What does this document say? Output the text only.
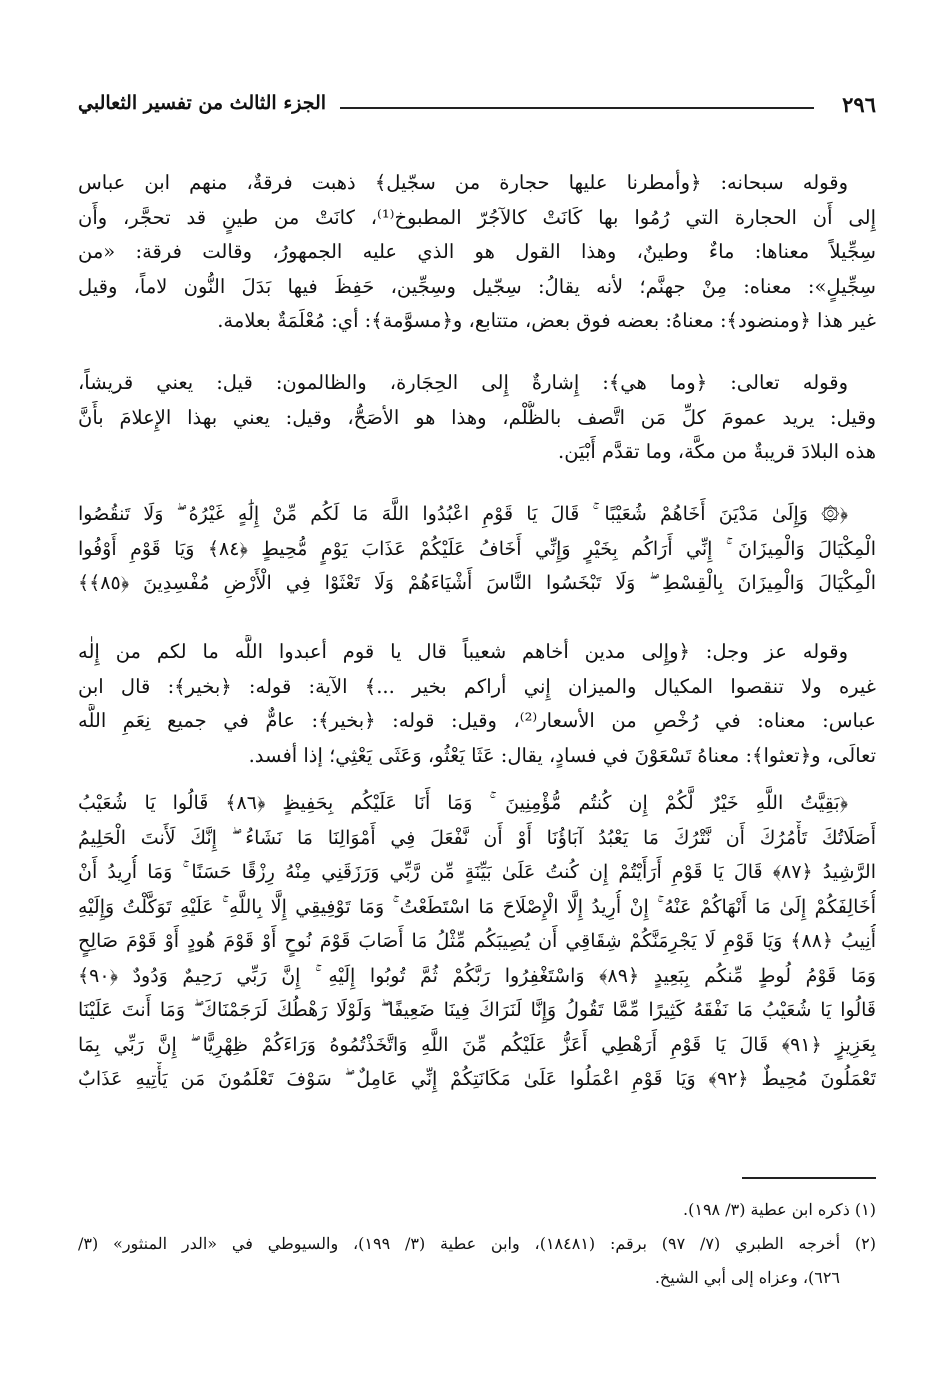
٢٩٦
الجزء الثالث من تفسير الثعالبي
وقوله سبحانه: ﴿وأمطرنا عليها حجارة من سجّيل﴾ ذهبت فرقةٌ، منهم ابن عباس
إِلى أَن الحجارة التي رُمُوا بها كَانَتْ كالآجُرّ المطبوخ⁽¹⁾، كانَتْ من طينٍ قد تحجَّر، وأَن
سِجِّيلاً معناها: ماءٌ وطينٌ، وهذا القول هو الذي عليه الجمهورُ، وقالت فرقة: «من
سِجِّيلٍ»: معناه: مِنْ جهنَّم؛ لأنه يقالُ: سِجّيل وسِجِّين، حَفِظَ فيها بَدَلَ النُّون لاماً، وقيل
غير هذا ﴿ومنضود﴾: معناهُ: بعضه فوق بعض، متتابع، و﴿مسوَّمة﴾: أي: مُعْلَمَةٌ بعلامة.
وقوله تعالى: ﴿وما هي﴾: إِشارةٌ إِلى الحِجَارة، والظالمون: قيل: يعني قريشاً،
وقيل: يريد عمومَ كلِّ مَن اتَّصف بالظُّلْم، وهذا هو الأصَحُّ، وقيل: يعني بهذا الإِعلامَ بأَنَّ
هذه البلادَ قريبةٌ من مكَّة، وما تقدَّم أَبْيَن.
﴿۞ وَإِلَىٰ مَدْيَنَ أَخَاهُمْ شُعَيْبًا ۚ قَالَ يَا قَوْمِ اعْبُدُوا اللَّهَ مَا لَكُم مِّنْ إِلَٰهٍ غَيْرُهُ ۖ وَلَا تَنقُصُوا
الْمِكْيَالَ وَالْمِيزَانَ ۚ إِنِّي أَرَاكُم بِخَيْرٍ وَإِنِّي أَخَافُ عَلَيْكُمْ عَذَابَ يَوْمٍ مُّحِيطٍ ﴿٨٤﴾ وَيَا قَوْمِ أَوْفُوا
الْمِكْيَالَ وَالْمِيزَانَ بِالْقِسْطِ ۖ وَلَا تَبْخَسُوا النَّاسَ أَشْيَاءَهُمْ وَلَا تَعْثَوْا فِي الْأَرْضِ مُفْسِدِينَ ﴿٨٥﴾﴾
وقوله عز وجل: ﴿وإِلى مدين أخاهم شعيباً قال يا قوم أعبدوا اللَّه ما لكم من إِلٰه
غيره ولا تنقصوا المكيال والميزان إِني أراكم بخير ...﴾ الآية: قوله: ﴿بخير﴾: قال ابن
عباس: معناه: في رُخْصِ من الأسعار⁽²⁾، وقيل: قوله: ﴿بخير﴾: عامٌّ في جميع نِعَمِ اللَّه
تعالَى، و﴿تعثوا﴾: معناهُ تَسْعَوْنَ في فسادٍ، يقال: عَثَا يَعْثُو، وَعَثَى يَعْثِي؛ إذا أفسد.
﴿بَقِيَّتُ اللَّهِ خَيْرٌ لَّكُمْ إِن كُنتُم مُّؤْمِنِينَ ۚ وَمَا أَنَا عَلَيْكُم بِحَفِيظٍ ﴿٨٦﴾ قَالُوا يَا شُعَيْبُ
أَصَلَاتُكَ تَأْمُرُكَ أَن نَّتْرُكَ مَا يَعْبُدُ آبَاؤُنَا أَوْ أَن نَّفْعَلَ فِي أَمْوَالِنَا مَا نَشَاءُ ۖ إِنَّكَ لَأَنتَ الْحَلِيمُ
الرَّشِيدُ ﴿٨٧﴾ قَالَ يَا قَوْمِ أَرَأَيْتُمْ إِن كُنتُ عَلَىٰ بَيِّنَةٍ مِّن رَّبِّي وَرَزَقَنِي مِنْهُ رِزْقًا حَسَنًا ۚ وَمَا أُرِيدُ أَنْ
أُخَالِفَكُمْ إِلَىٰ مَا أَنْهَاكُمْ عَنْهُ ۚ إِنْ أُرِيدُ إِلَّا الْإِصْلَاحَ مَا اسْتَطَعْتُ ۚ وَمَا تَوْفِيقِي إِلَّا بِاللَّهِ ۚ عَلَيْهِ تَوَكَّلْتُ وَإِلَيْهِ
أُنِيبُ ﴿٨٨﴾ وَيَا قَوْمِ لَا يَجْرِمَنَّكُمْ شِقَاقِي أَن يُصِيبَكُم مِّثْلُ مَا أَصَابَ قَوْمَ نُوحٍ أَوْ قَوْمَ هُودٍ أَوْ قَوْمَ صَالِحٍ
وَمَا قَوْمُ لُوطٍ مِّنكُم بِبَعِيدٍ ﴿٨٩﴾ وَاسْتَغْفِرُوا رَبَّكُمْ ثُمَّ تُوبُوا إِلَيْهِ ۚ إِنَّ رَبِّي رَحِيمٌ وَدُودٌ ﴿٩٠﴾
قَالُوا يَا شُعَيْبُ مَا نَفْقَهُ كَثِيرًا مِّمَّا تَقُولُ وَإِنَّا لَنَرَاكَ فِينَا ضَعِيفًا ۖ وَلَوْلَا رَهْطُكَ لَرَجَمْنَاكَ ۖ وَمَا أَنتَ عَلَيْنَا
بِعَزِيزٍ ﴿٩١﴾ قَالَ يَا قَوْمِ أَرَهْطِي أَعَزُّ عَلَيْكُم مِّنَ اللَّهِ وَاتَّخَذْتُمُوهُ وَرَاءَكُمْ ظِهْرِيًّا ۖ إِنَّ رَبِّي بِمَا
تَعْمَلُونَ مُحِيطٌ ﴿٩٢﴾ وَيَا قَوْمِ اعْمَلُوا عَلَىٰ مَكَانَتِكُمْ إِنِّي عَامِلٌ ۖ سَوْفَ تَعْلَمُونَ مَن يَأْتِيهِ عَذَابٌ
(١) ذكره ابن عطية (٣/ ١٩٨).
(٢) أخرجه الطبري (٧/ ٩٧) برقم: (١٨٤٨١)، وابن عطية (٣/ ١٩٩)، والسيوطي في «الدر المنثور» (٣/
٦٢٦)، وعزاه إلى أبي الشيخ.
